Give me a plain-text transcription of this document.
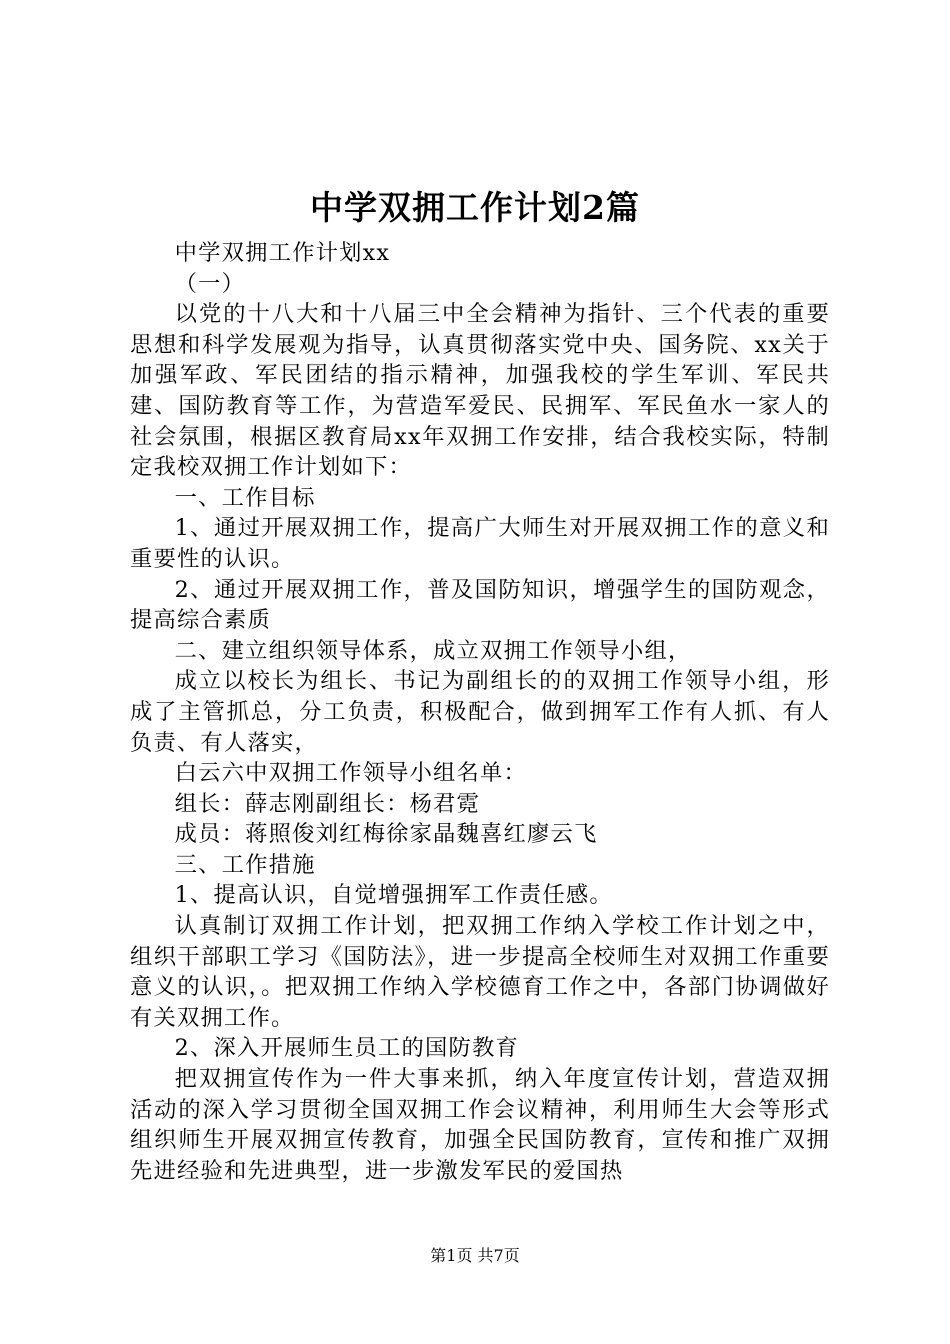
中学双拥工作计划2篇

中学双拥工作计划xx

（一）

以党的十八大和十八届三中全会精神为指针、三个代表的重要思想和科学发展观为指导，认真贯彻落实党中央、国务院、xx关于加强军政、军民团结的指示精神，加强我校的学生军训、军民共建、国防教育等工作，为营造军爱民、民拥军、军民鱼水一家人的社会氛围，根据区教育局xx年双拥工作安排，结合我校实际，特制定我校双拥工作计划如下：

一、工作目标

1、通过开展双拥工作，提高广大师生对开展双拥工作的意义和重要性的认识。

2、通过开展双拥工作，普及国防知识，增强学生的国防观念，提高综合素质

二、建立组织领导体系，成立双拥工作领导小组，

成立以校长为组长、书记为副组长的的双拥工作领导小组，形成了主管抓总，分工负责，积极配合，做到拥军工作有人抓、有人负责、有人落实，

白云六中双拥工作领导小组名单：

组长：薛志刚副组长：杨君霓

成员：蒋照俊刘红梅徐家晶魏喜红廖云飞

三、工作措施

1、提高认识，自觉增强拥军工作责任感。

认真制订双拥工作计划，把双拥工作纳入学校工作计划之中，组织干部职工学习《国防法》，进一步提高全校师生对双拥工作重要意义的认识，。把双拥工作纳入学校德育工作之中，各部门协调做好有关双拥工作。

2、深入开展师生员工的国防教育

把双拥宣传作为一件大事来抓，纳入年度宣传计划，营造双拥活动的深入学习贯彻全国双拥工作会议精神，利用师生大会等形式组织师生开展双拥宣传教育，加强全民国防教育，宣传和推广双拥先进经验和先进典型，进一步激发军民的爱国热

第1页 共7页
